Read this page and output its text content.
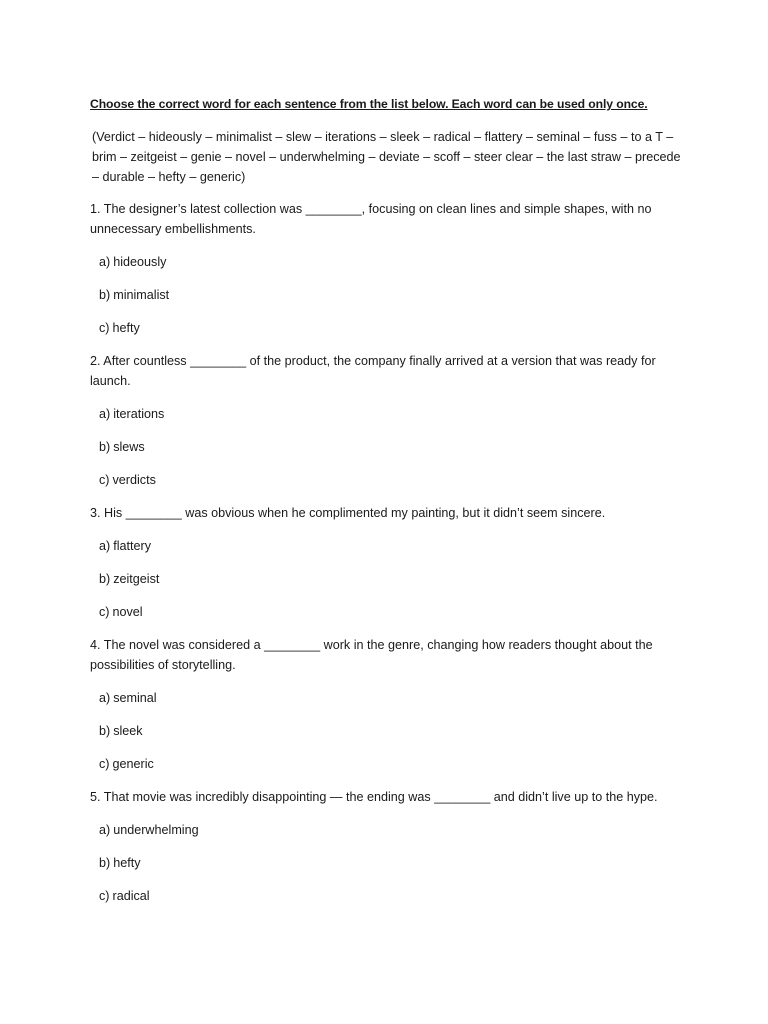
Choose the correct word for each sentence from the list below. Each word can be used only once.

(Verdict – hideously – minimalist – slew – iterations – sleek – radical – flattery – seminal – fuss – to a T – brim – zeitgeist – genie – novel – underwhelming – deviate – scoff – steer clear – the last straw – precede – durable – hefty – generic)

1. The designer’s latest collection was ________, focusing on clean lines and simple shapes, with no unnecessary embellishments.

a) hideously
b) minimalist
c) hefty

2. After countless ________ of the product, the company finally arrived at a version that was ready for launch.

a) iterations
b) slews
c) verdicts

3. His ________ was obvious when he complimented my painting, but it didn’t seem sincere.

a) flattery
b) zeitgeist
c) novel

4. The novel was considered a ________ work in the genre, changing how readers thought about the possibilities of storytelling.

a) seminal
b) sleek
c) generic

5. That movie was incredibly disappointing — the ending was ________ and didn’t live up to the hype.

a) underwhelming
b) hefty
c) radical
